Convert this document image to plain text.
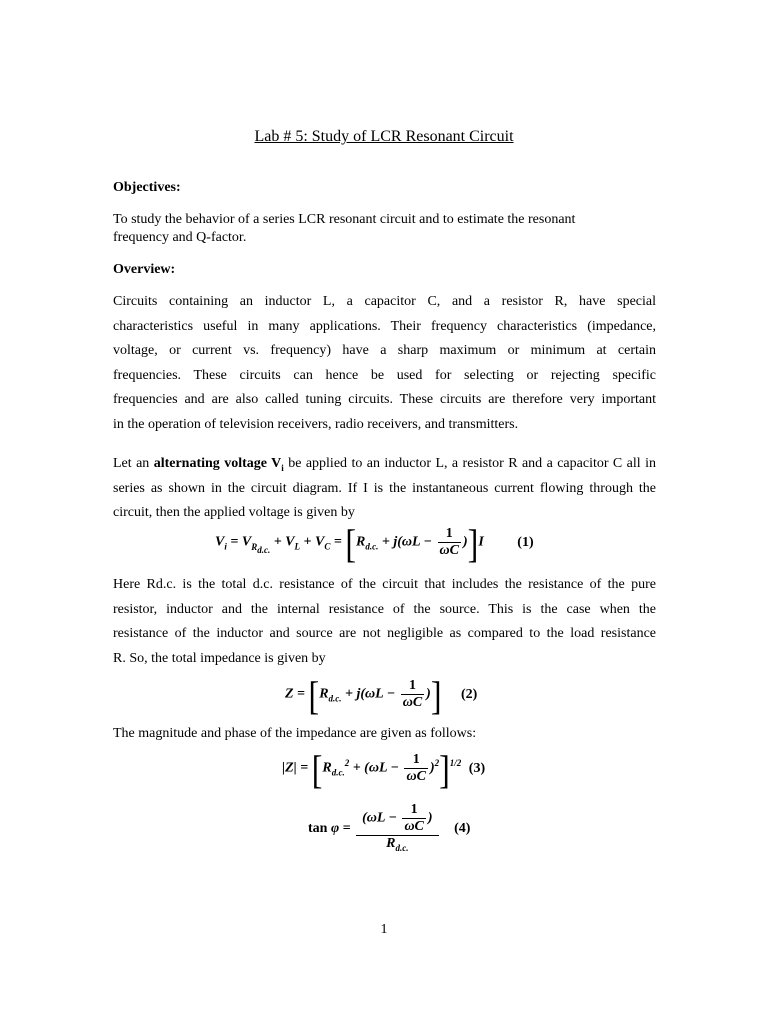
Lab # 5: Study of LCR Resonant Circuit
Objectives:
To study the behavior of a series LCR resonant circuit and to estimate the resonant
frequency and Q-factor.
Overview:
Circuits containing an inductor L, a capacitor C, and a resistor R, have special
characteristics useful in many applications. Their frequency characteristics (impedance,
voltage, or current vs. frequency) have a sharp maximum or minimum at certain
frequencies. These circuits can hence be used for selecting or rejecting specific
frequencies and are also called tuning circuits. These circuits are therefore very important
in the operation of television receivers, radio receivers, and transmitters.
Let an alternating voltage $V_i$ be applied to an inductor L, a resistor R and a capacitor C all in
series as shown in the circuit diagram. If I is the instantaneous current flowing through the
circuit, then the applied voltage is given by
$V_i = V_{R_{d.c.}} + V_L + V_C = [R_{d.c.} + j(\omega L - \frac{1}{\omega C} )]I$ (1)
Here Rd.c. is the total d.c. resistance of the circuit that includes the resistance of the pure
resistor, inductor and the internal resistance of the source. This is the case when the
resistance of the inductor and source are not negligible as compared to the load resistance
R. So, the total impedance is given by
$Z = [R_{d.c.} + j(\omega L - \frac{1}{\omega C}$ )] (2)
The magnitude and phase of the impedance are given as follows:
$|Z| = [R_{d.c.}^2 + (\omega L - \frac{1}{\omega C} )^2]^{1/2}$ (3)
$\tan \varphi = \frac{(\omega L - \frac{1}{\omega C} )}{R_{d.c.}} (4)$
1
